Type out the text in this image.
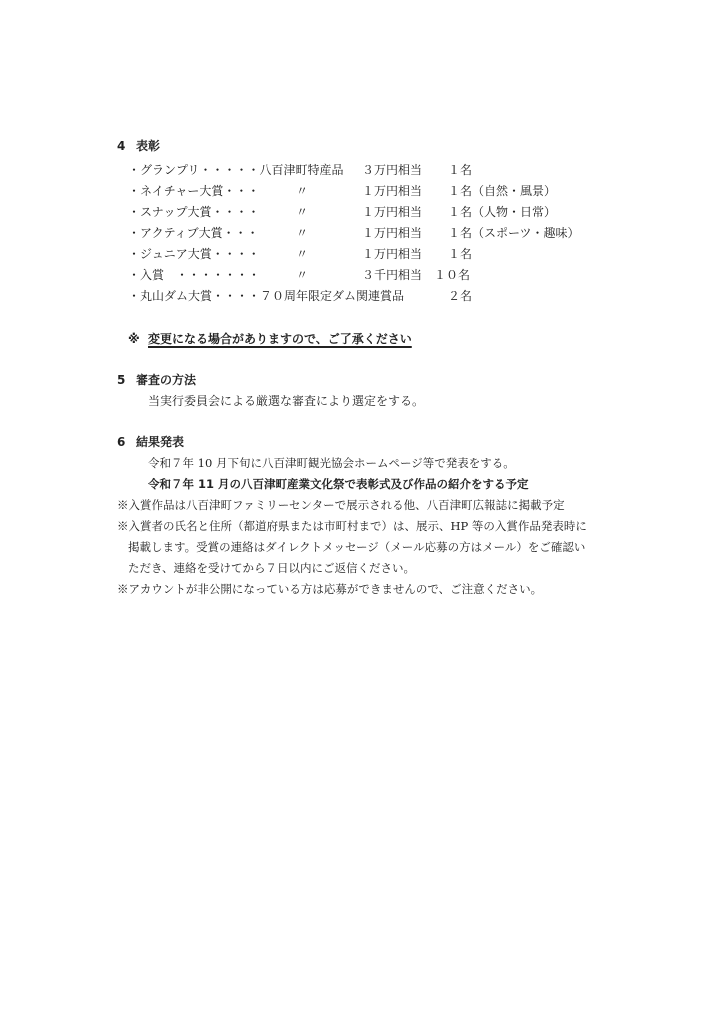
4 表彰
・グランプリ・・・・・八百津町特産品 ３万円相当 １名
・ネイチャー大賞・・・	〃	１万円相当 １名（自然・風景）
・スナップ大賞・・・・	〃	１万円相当 １名（人物・日常）
・アクティブ大賞・・・	〃	１万円相当 １名（スポーツ・趣味）
・ジュニア大賞・・・・	〃	１万円相当 １名
・入賞　・・・・・・・	〃	３千円相当 １０名
・丸山ダム大賞・・・・７０周年限定ダム関連賞品	２名
※ 変更になる場合がありますので、ご了承ください
5 審査の方法
当実行委員会による厳選な審査により選定をする。
6 結果発表
令和７年 10 月下旬に八百津町観光協会ホームページ等で発表をする。
令和７年 11 月の八百津町産業文化祭で表彰式及び作品の紹介をする予定
※入賞作品は八百津町ファミリーセンターで展示される他、八百津町広報誌に掲載予定
※入賞者の氏名と住所（都道府県または市町村まで）は、展示、HP 等の入賞作品発表時に
掲載します。受賞の連絡はダイレクトメッセージ（メール応募の方はメール）をご確認い
ただき、連絡を受けてから７日以内にご返信ください。
※アカウントが非公開になっている方は応募ができませんので、ご注意ください。
